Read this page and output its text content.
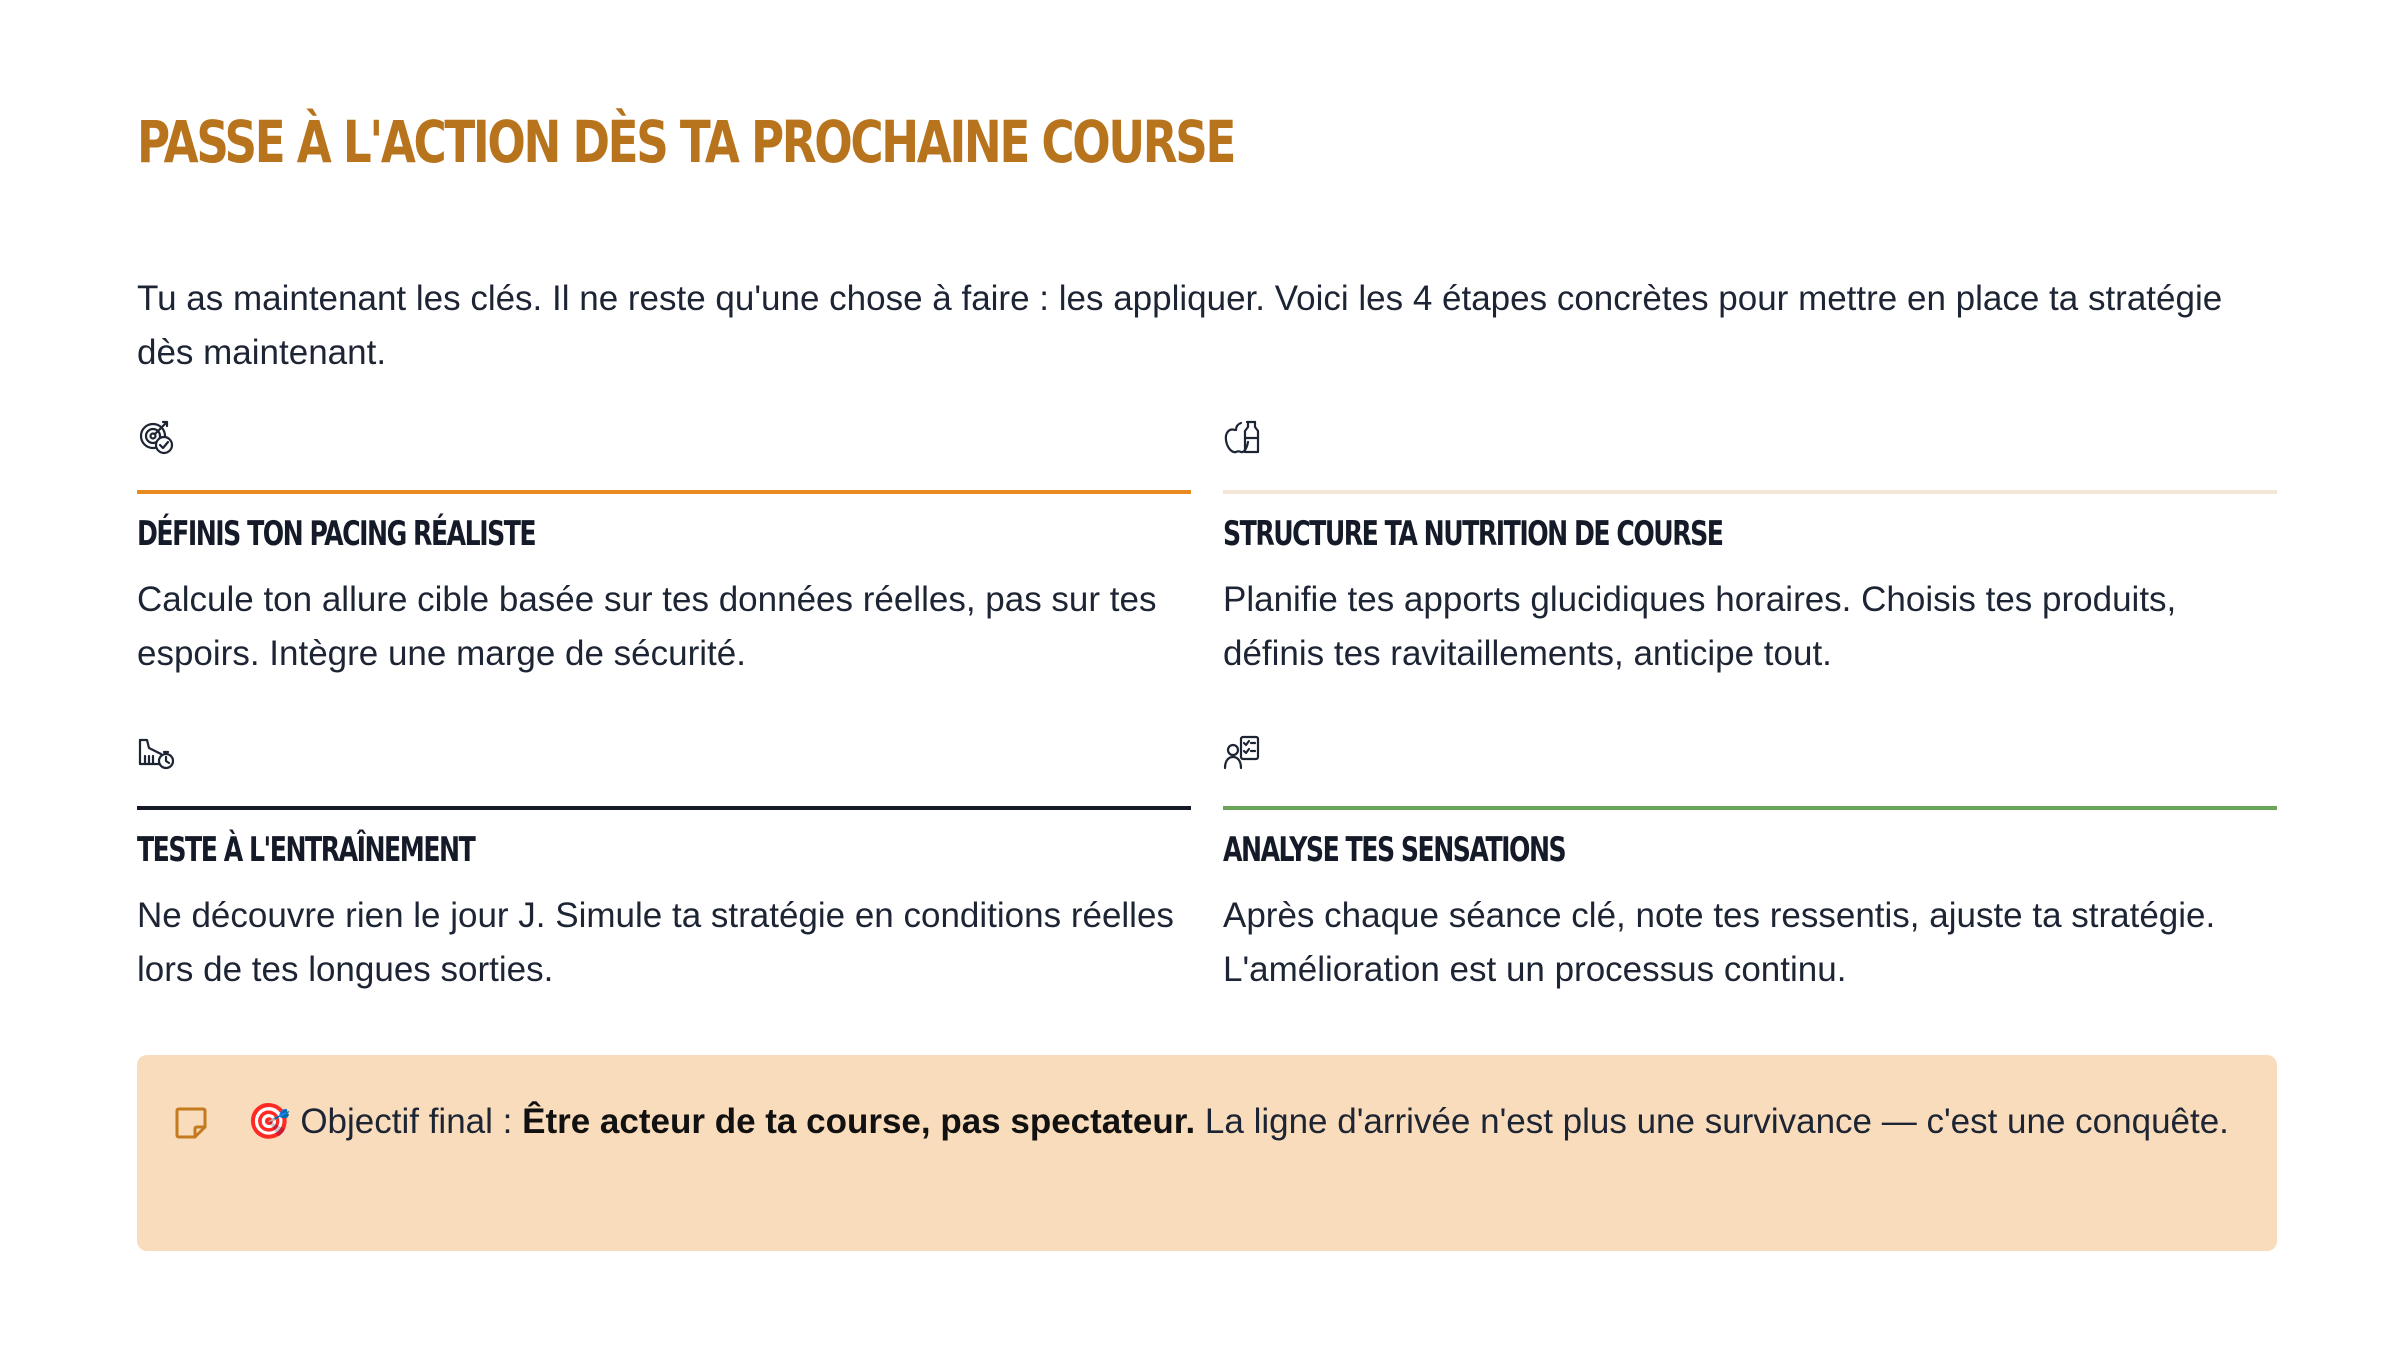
PASSE À L'ACTION DÈS TA PROCHAINE COURSE

Tu as maintenant les clés. Il ne reste qu'une chose à faire : les appliquer. Voici les 4 étapes concrètes pour mettre en place ta stratégie dès maintenant.

DÉFINIS TON PACING RÉALISTE

Calcule ton allure cible basée sur tes données réelles, pas sur tes espoirs. Intègre une marge de sécurité.

STRUCTURE TA NUTRITION DE COURSE

Planifie tes apports glucidiques horaires. Choisis tes produits, définis tes ravitaillements, anticipe tout.

TESTE À L'ENTRAÎNEMENT

Ne découvre rien le jour J. Simule ta stratégie en conditions réelles lors de tes longues sorties.

ANALYSE TES SENSATIONS

Après chaque séance clé, note tes ressentis, ajuste ta stratégie. L'amélioration est un processus continu.

🎯 Objectif final : Être acteur de ta course, pas spectateur. La ligne d'arrivée n'est plus une survivance — c'est une conquête.
